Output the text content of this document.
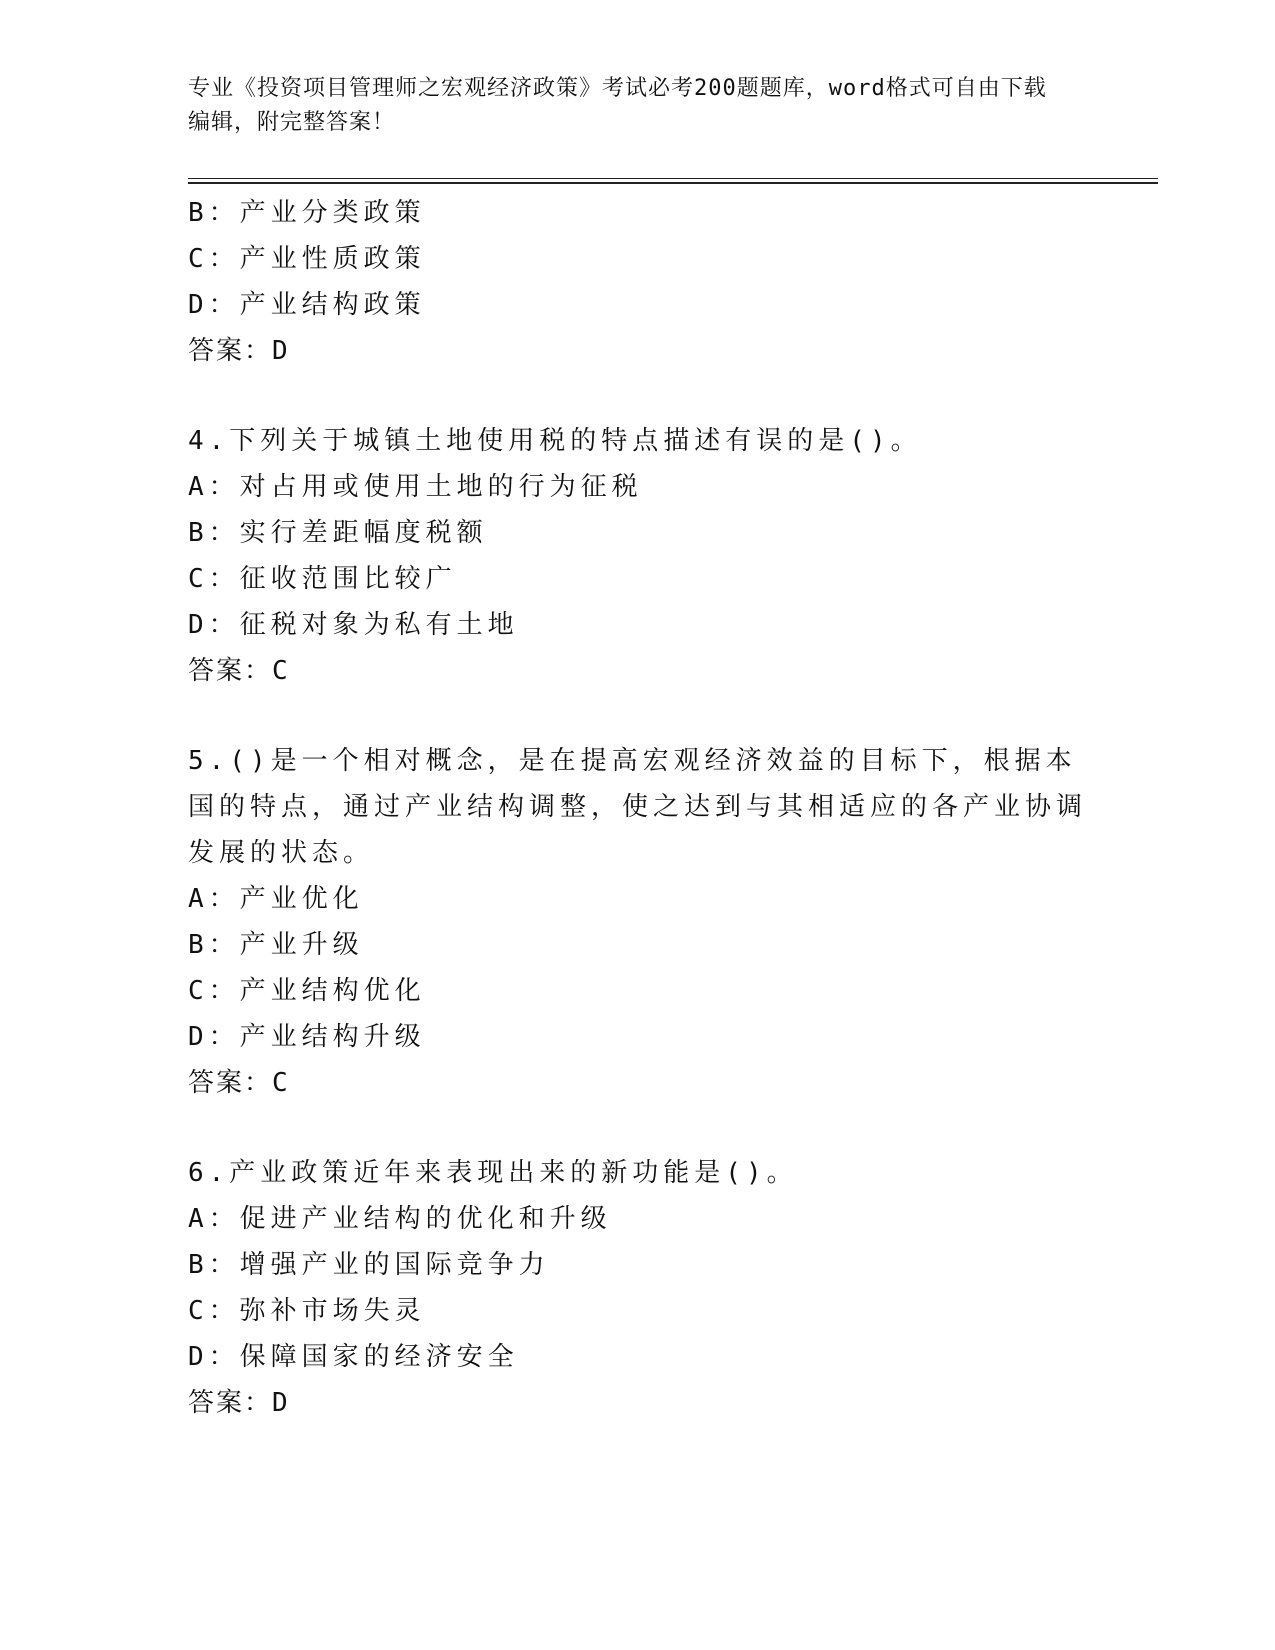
专业《投资项目管理师之宏观经济政策》考试必考200题题库，word格式可自由下载编辑，附完整答案！
B：产业分类政策
C：产业性质政策
D：产业结构政策
答案：D
4.下列关于城镇土地使用税的特点描述有误的是()。
A：对占用或使用土地的行为征税
B：实行差距幅度税额
C：征收范围比较广
D：征税对象为私有土地
答案：C
5.()是一个相对概念，是在提高宏观经济效益的目标下，根据本国的特点，通过产业结构调整，使之达到与其相适应的各产业协调发展的状态。
A：产业优化
B：产业升级
C：产业结构优化
D：产业结构升级
答案：C
6.产业政策近年来表现出来的新功能是()。
A：促进产业结构的优化和升级
B：增强产业的国际竞争力
C：弥补市场失灵
D：保障国家的经济安全
答案：D
